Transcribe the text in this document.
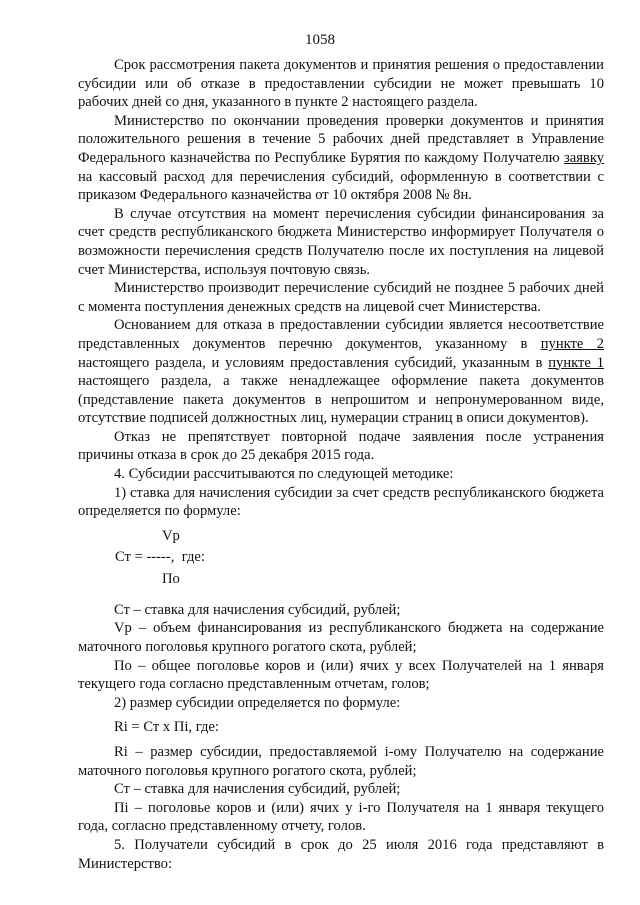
1058

Срок рассмотрения пакета документов и принятия решения о предоставлении субсидии или об отказе в предоставлении субсидии не может превышать 10 рабочих дней со дня, указанного в пункте 2 настоящего раздела.

Министерство по окончании проведения проверки документов и принятия положительного решения в течение 5 рабочих дней представляет в Управление Федерального казначейства по Республике Бурятия по каждому Получателю заявку на кассовый расход для перечисления субсидий, оформленную в соответствии с приказом Федерального казначейства от 10 октября 2008 № 8н.

В случае отсутствия на момент перечисления субсидии финансирования за счет средств республиканского бюджета Министерство информирует Получателя о возможности перечисления средств Получателю после их поступления на лицевой счет Министерства, используя почтовую связь.

Министерство производит перечисление субсидий не позднее 5 рабочих дней с момента поступления денежных средств на лицевой счет Министерства.

Основанием для отказа в предоставлении субсидии является несоответствие представленных документов перечню документов, указанному в пункте 2 настоящего раздела, и условиям предоставления субсидий, указанным в пункте 1 настоящего раздела, а также ненадлежащее оформление пакета документов (представление пакета документов в непрошитом и непронумерованном виде, отсутствие подписей должностных лиц, нумерации страниц в описи документов).

Отказ не препятствует повторной подаче заявления после устранения причины отказа в срок до 25 декабря 2015 года.

4. Субсидии рассчитываются по следующей методике:

1) ставка для начисления субсидии за счет средств республиканского бюджета определяется по формуле:

Vp
Ст = -----,  где:
По

Ст – ставка для начисления субсидий, рублей;

Vp – объем финансирования из республиканского бюджета на содержание маточного поголовья крупного рогатого скота, рублей;

По – общее поголовье коров и (или) ячих у всех Получателей на 1 января текущего года согласно представленным отчетам, голов;

2) размер субсидии определяется по формуле:

Ri = Ст х Пi, где:

Ri – размер субсидии, предоставляемой i-ому Получателю на содержание маточного поголовья крупного рогатого скота, рублей;

Ст – ставка для начисления субсидий, рублей;

Пi – поголовье коров и (или) ячих у i-го Получателя на 1 января текущего года, согласно представленному отчету, голов.

5. Получатели субсидий в срок до 25 июля 2016 года представляют в Министерство:
